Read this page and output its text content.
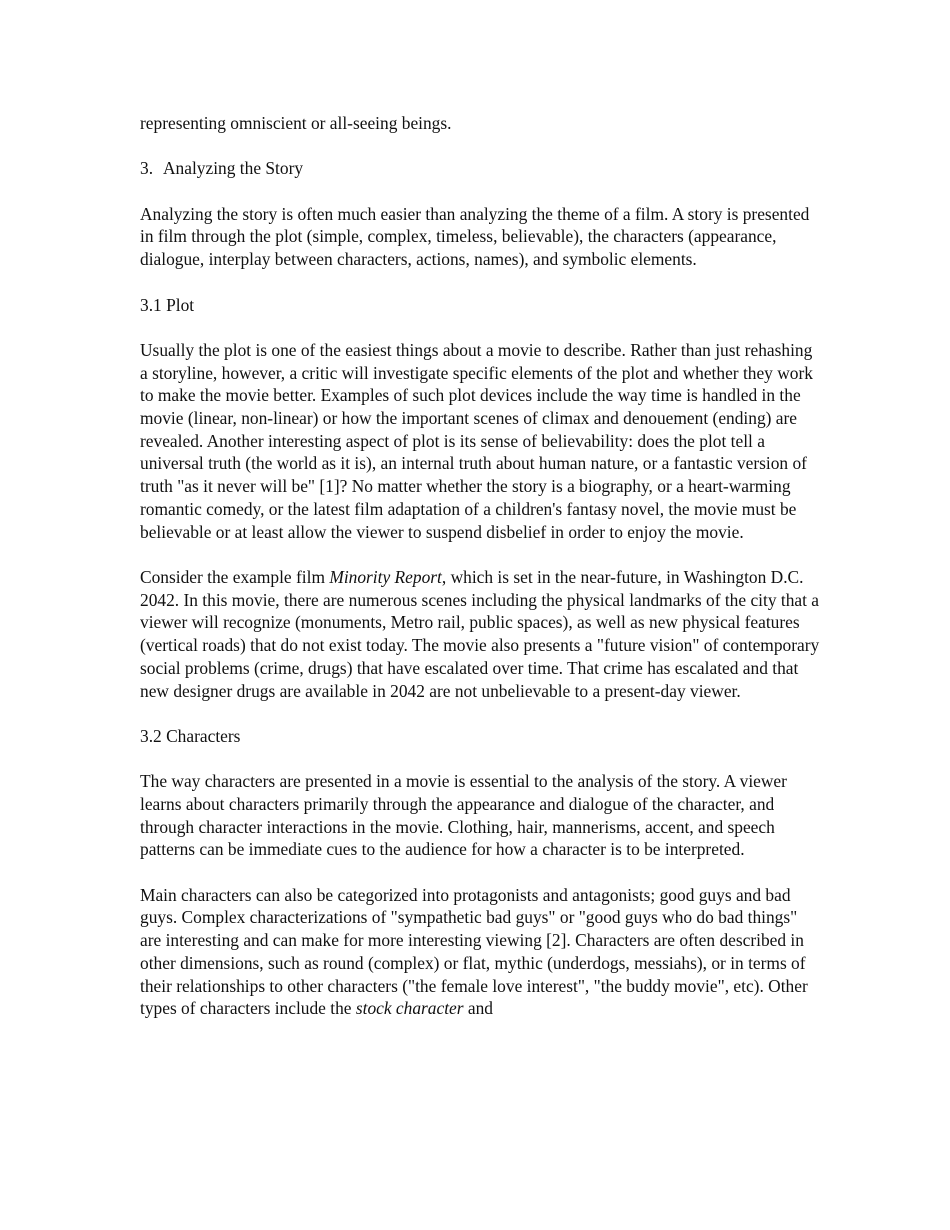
representing omniscient or all-seeing beings.

3. Analyzing the Story

Analyzing the story is often much easier than analyzing the theme of a film. A story is presented in film through the plot (simple, complex, timeless, believable), the characters (appearance, dialogue, interplay between characters, actions, names), and symbolic elements.

3.1 Plot

Usually the plot is one of the easiest things about a movie to describe. Rather than just rehashing a storyline, however, a critic will investigate specific elements of the plot and whether they work to make the movie better. Examples of such plot devices include the way time is handled in the movie (linear, non-linear) or how the important scenes of climax and denouement (ending) are revealed. Another interesting aspect of plot is its sense of believability: does the plot tell a universal truth (the world as it is), an internal truth about human nature, or a fantastic version of truth "as it never will be" [1]? No matter whether the story is a biography, or a heart-warming romantic comedy, or the latest film adaptation of a children's fantasy novel, the movie must be believable or at least allow the viewer to suspend disbelief in order to enjoy the movie.

Consider the example film Minority Report, which is set in the near-future, in Washington D.C. 2042. In this movie, there are numerous scenes including the physical landmarks of the city that a viewer will recognize (monuments, Metro rail, public spaces), as well as new physical features (vertical roads) that do not exist today. The movie also presents a "future vision" of contemporary social problems (crime, drugs) that have escalated over time. That crime has escalated and that new designer drugs are available in 2042 are not unbelievable to a present-day viewer.

3.2 Characters

The way characters are presented in a movie is essential to the analysis of the story. A viewer learns about characters primarily through the appearance and dialogue of the character, and through character interactions in the movie. Clothing, hair, mannerisms, accent, and speech patterns can be immediate cues to the audience for how a character is to be interpreted.

Main characters can also be categorized into protagonists and antagonists; good guys and bad guys. Complex characterizations of "sympathetic bad guys" or "good guys who do bad things" are interesting and can make for more interesting viewing [2]. Characters are often described in other dimensions, such as round (complex) or flat, mythic (underdogs, messiahs), or in terms of their relationships to other characters ("the female love interest", "the buddy movie", etc). Other types of characters include the stock character and
